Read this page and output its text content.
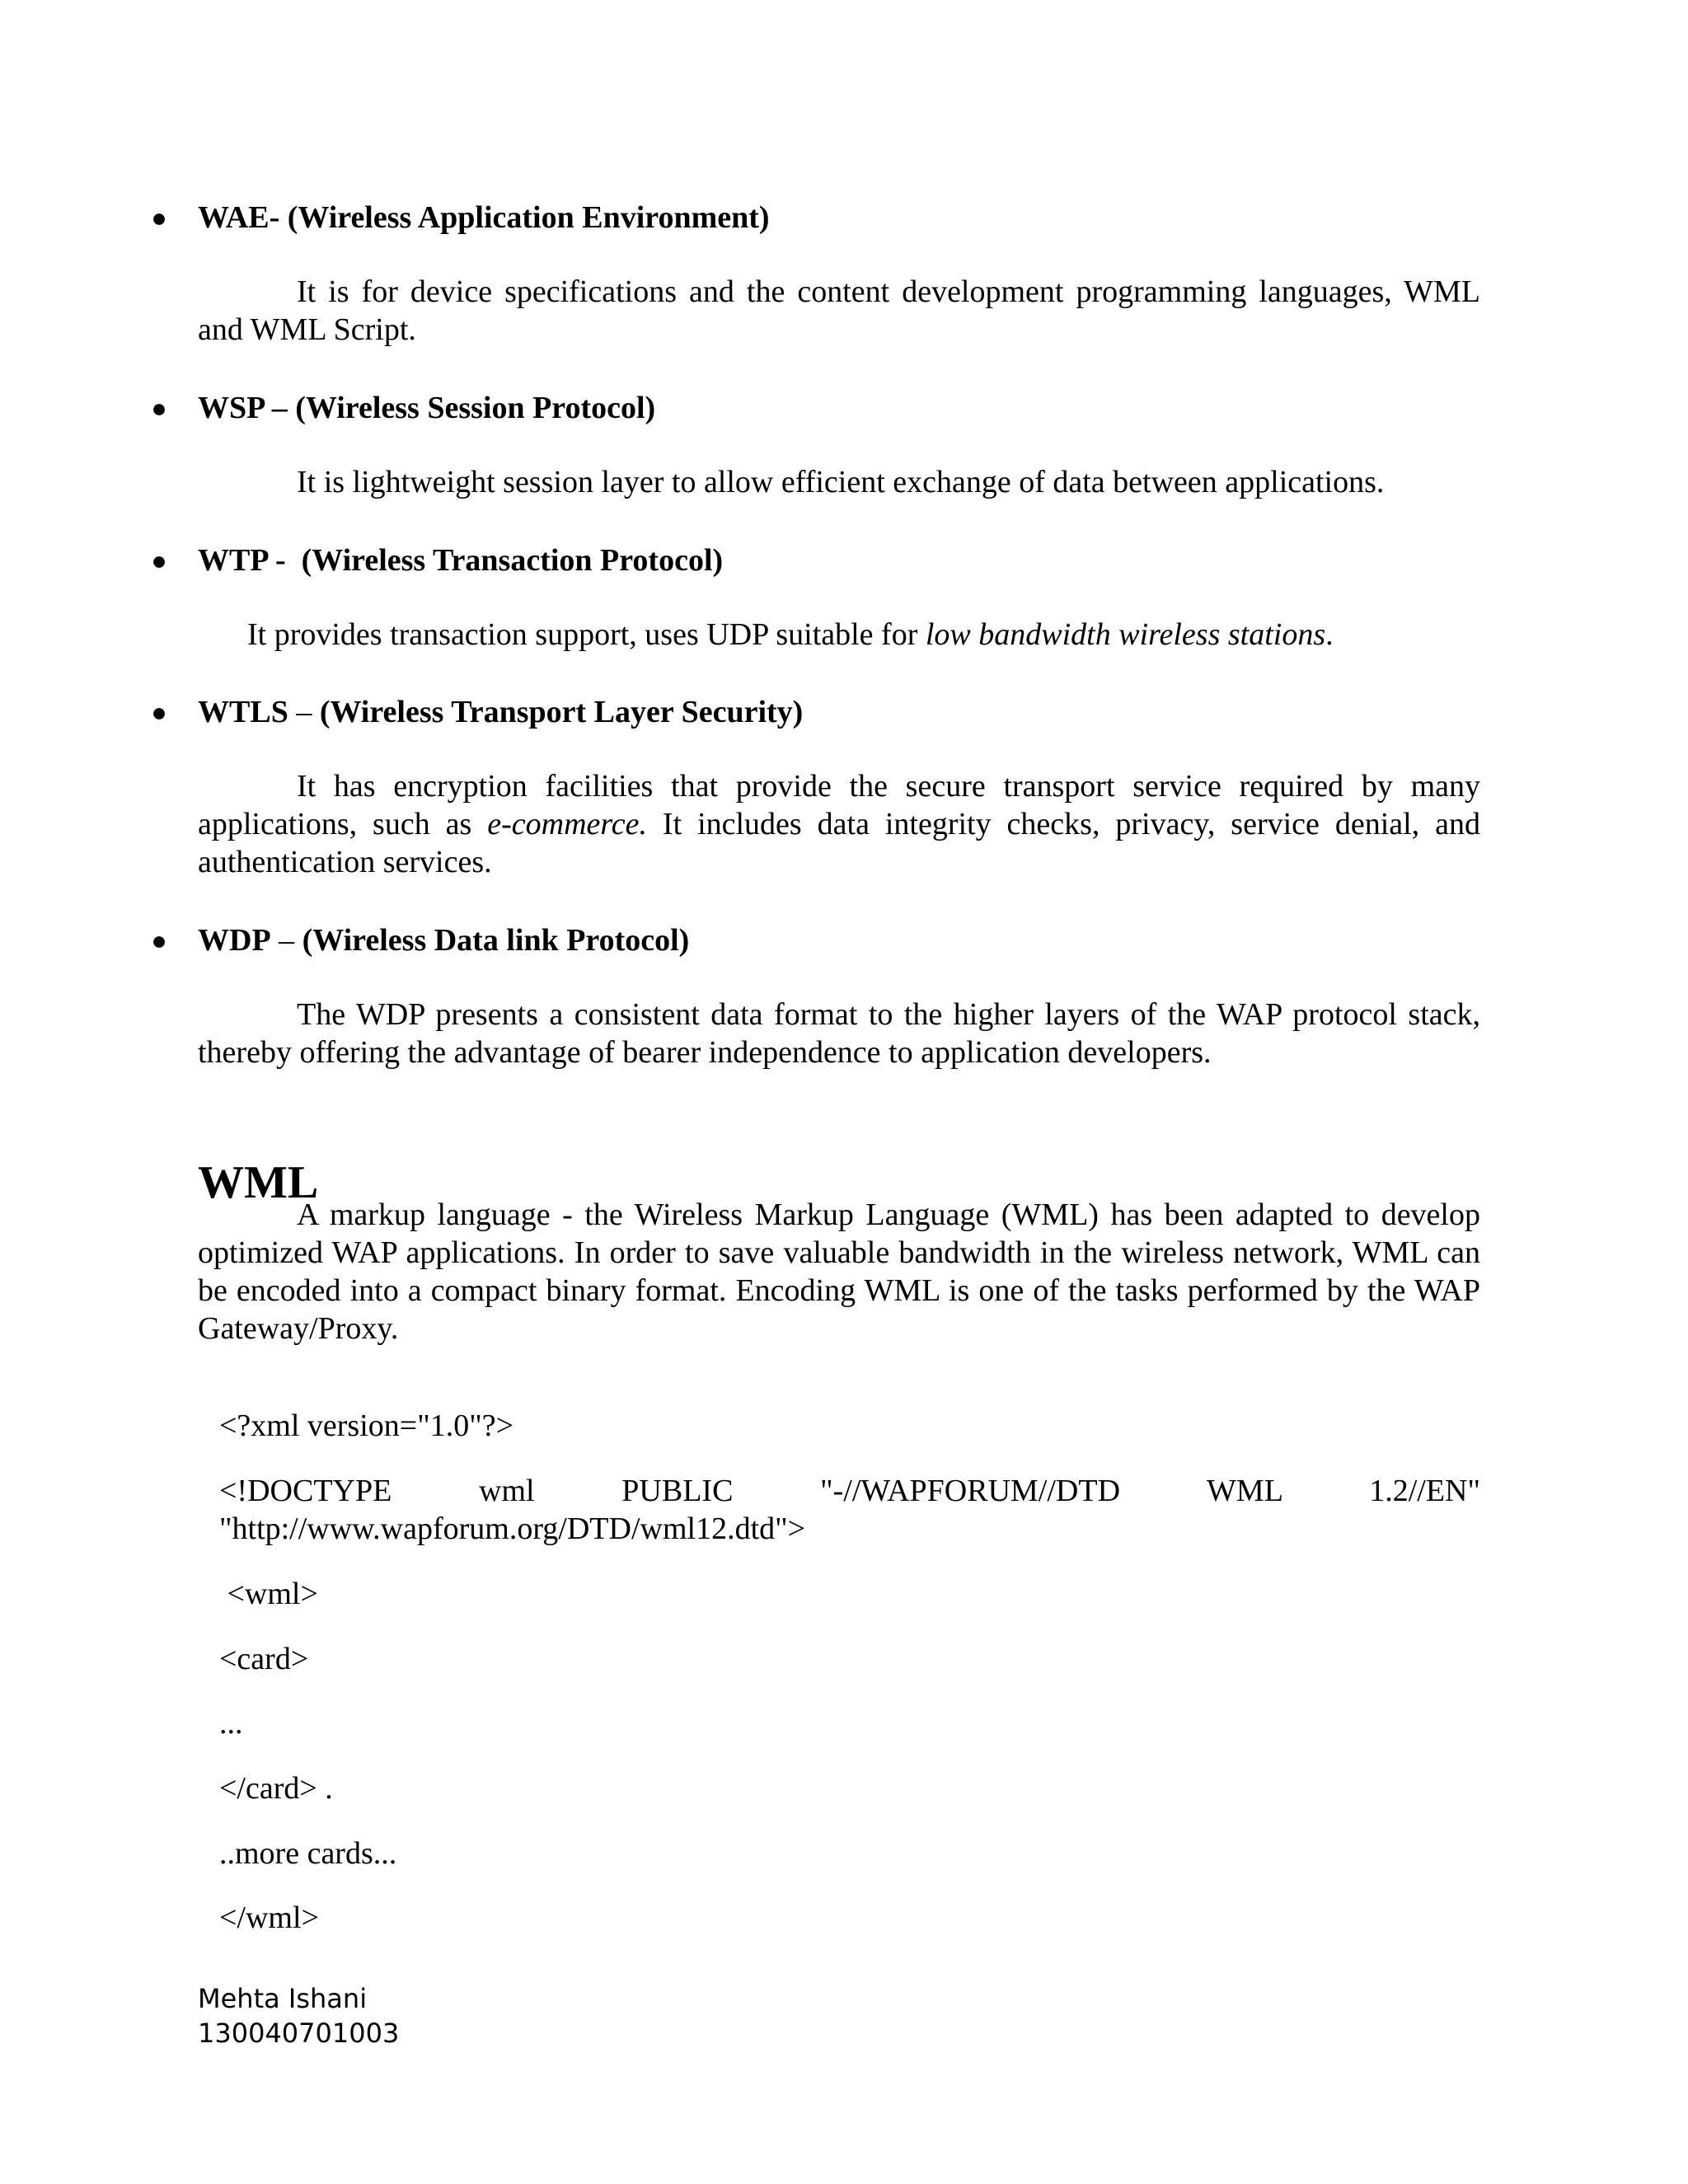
● WAE- (Wireless Application Environment)
It is for device specifications and the content development programming languages, WML and WML Script.
● WSP – (Wireless Session Protocol)
It is lightweight session layer to allow efficient exchange of data between applications.
● WTP -  (Wireless Transaction Protocol)
It provides transaction support, uses UDP suitable for low bandwidth wireless stations.
● WTLS – (Wireless Transport Layer Security)
It has encryption facilities that provide the secure transport service required by many applications, such as e-commerce. It includes data integrity checks, privacy, service denial, and authentication services.
● WDP – (Wireless Data link Protocol)
The WDP presents a consistent data format to the higher layers of the WAP protocol stack, thereby offering the advantage of bearer independence to application developers.
WML
A markup language - the Wireless Markup Language (WML) has been adapted to develop optimized WAP applications. In order to save valuable bandwidth in the wireless network, WML can be encoded into a compact binary format. Encoding WML is one of the tasks performed by the WAP Gateway/Proxy.
<?xml version="1.0"?>
<!DOCTYPE wml PUBLIC "-//WAPFORUM//DTD WML 1.2//EN"
"http://www.wapforum.org/DTD/wml12.dtd">
<wml>
<card>
...
</card> .
..more cards...
</wml>
Mehta Ishani
130040701003
